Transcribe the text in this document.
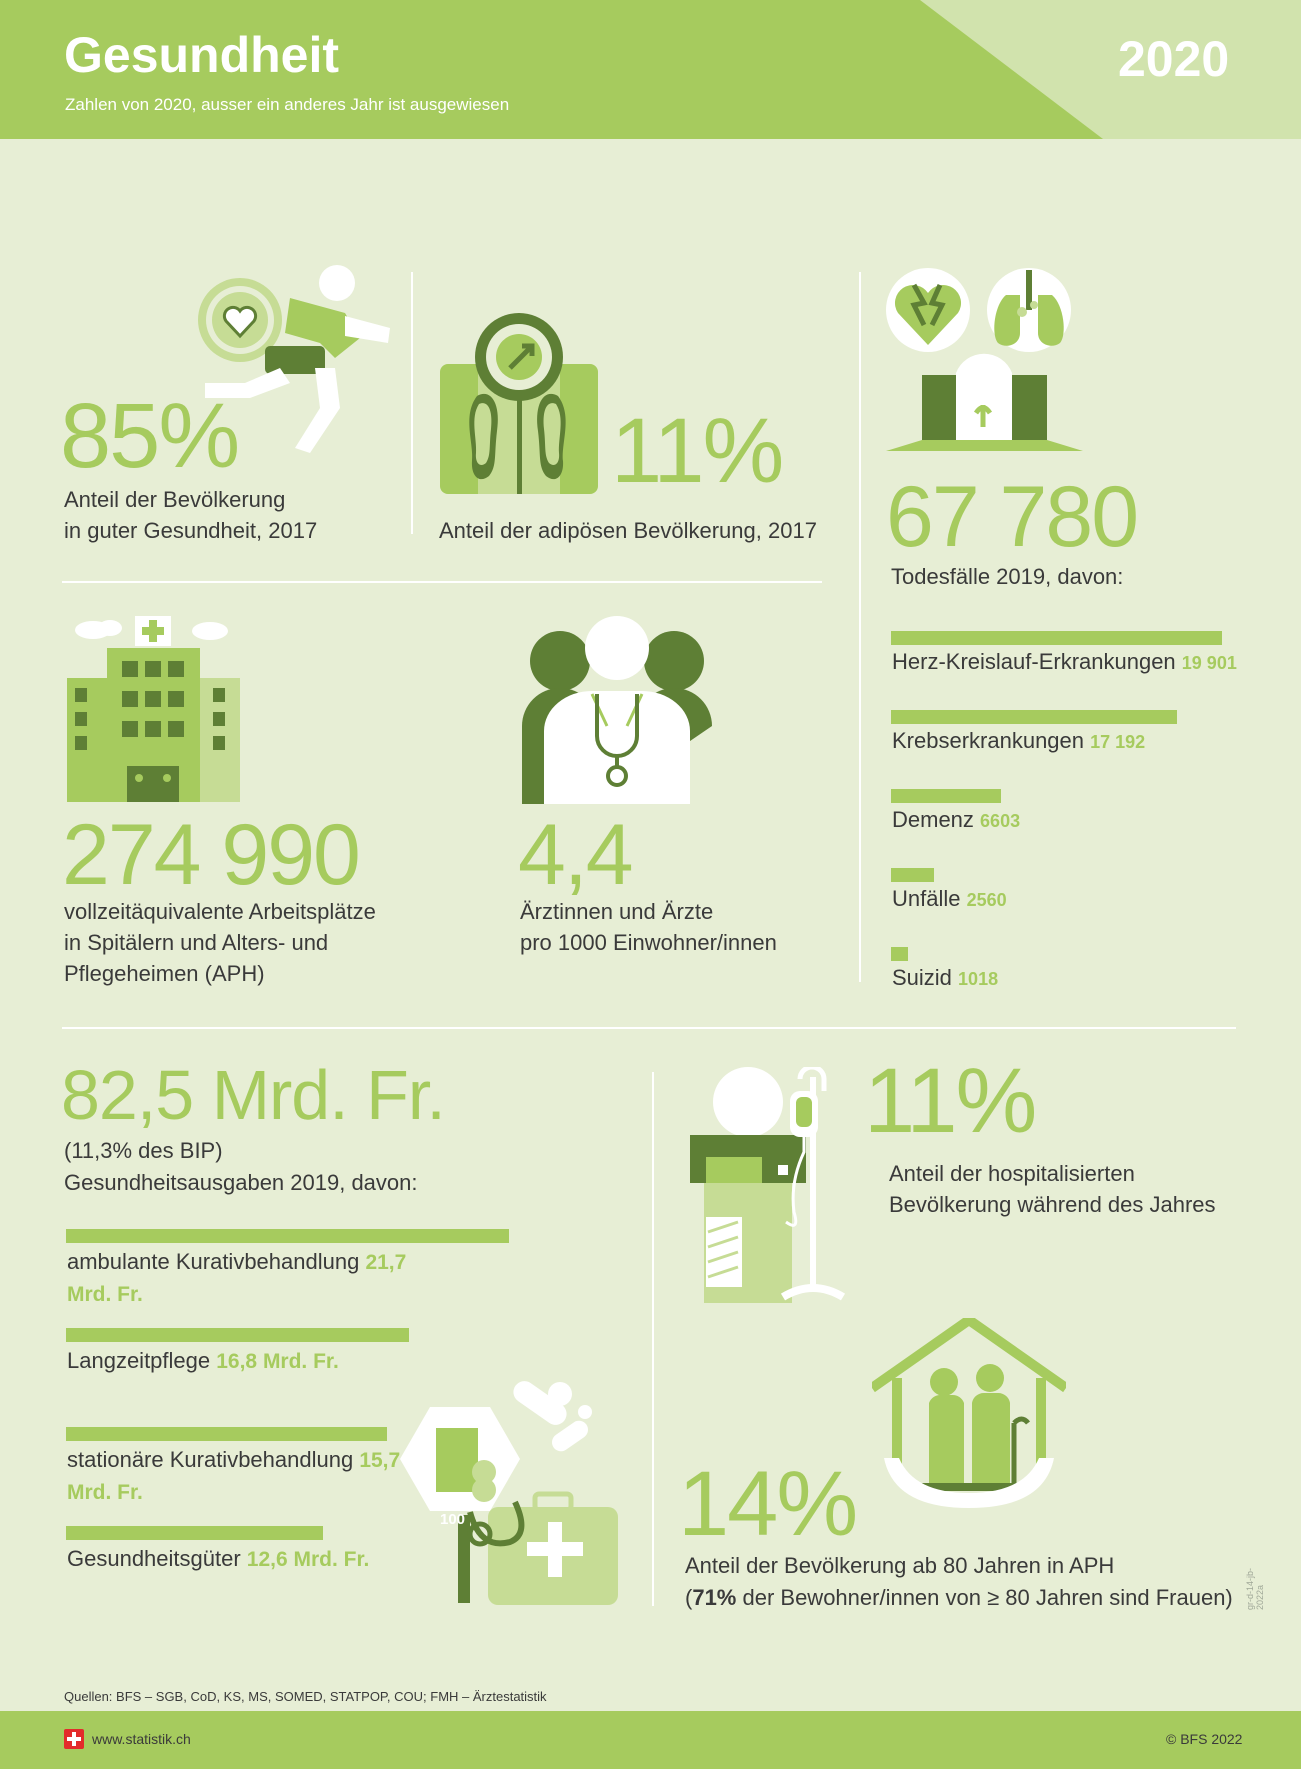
Gesundheit
Zahlen von 2020, ausser ein anderes Jahr ist ausgewiesen
2020
100
85%
Anteil der Bevölkerung
in guter Gesundheit, 2017
11%
Anteil der adipösen Bevölkerung, 2017 67 780
Todesfälle 2019, davon:
Herz-Kreislauf-Erkrankungen 19 901
Krebserkrankungen 17 192
Demenz 6603
Unfälle 2560
Suizid 1018
274 990
vollzeitäquivalente Arbeitsplätze
in Spitälern und Alters- und
Pflegeheimen (APH)
4,4
Ärztinnen und Ärzte
pro 1000 Einwohner/innen
82,5 Mrd. Fr.
(11,3% des BIP)
Gesundheitsausgaben 2019, davon:
ambulante Kurativbehandlung 21,7 Mrd. Fr.
Langzeitpflege 16,8 Mrd. Fr.
stationäre Kurativbehandlung 15,7 Mrd. Fr.
Gesundheitsgüter 12,6 Mrd. Fr.
11%
Anteil der hospitalisierten
Bevölkerung während des Jahres
14%
Anteil der Bevölkerung ab 80 Jahren in APH
(71% der Bewohner/innen von ≥ 80 Jahren sind Frauen) gr-d-14-jb-2022a
Quellen: BFS – SGB, CoD, KS, MS, SOMED, STATPOP, COU; FMH – Ärztestatistik
www.statistik.ch	© BFS 2022
